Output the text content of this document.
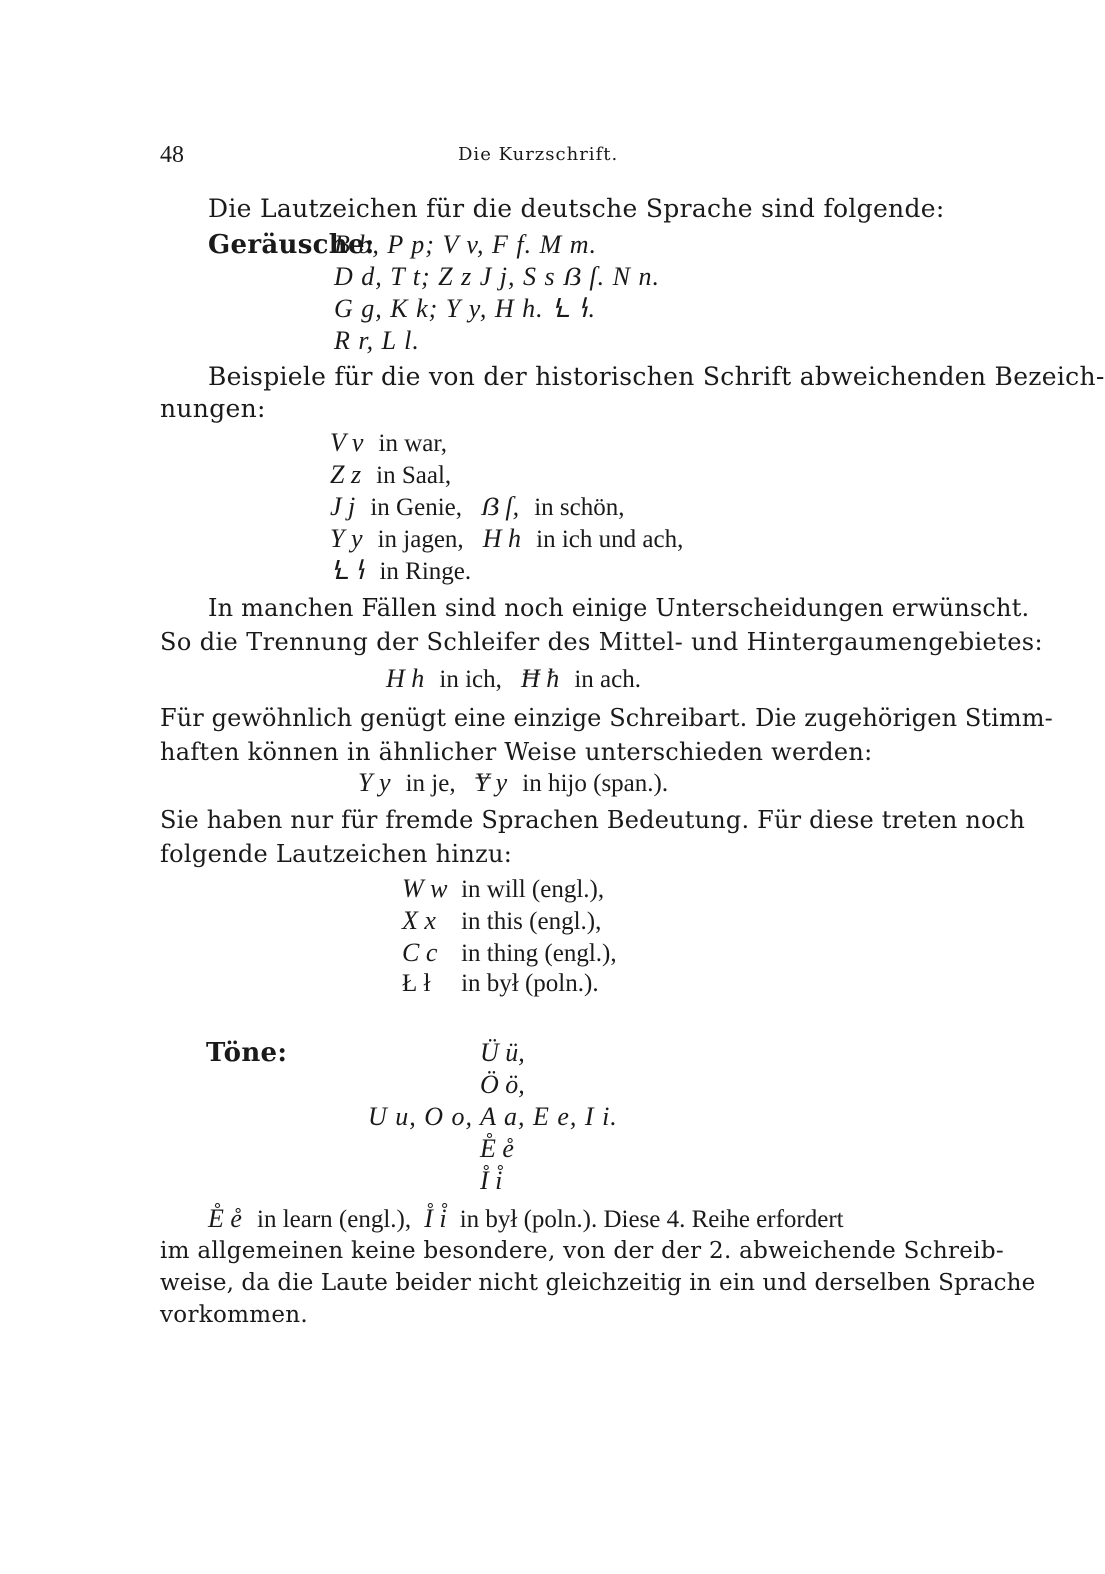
48	Die Kurzschrift.
Die Lautzeichen für die deutsche Sprache sind folgende:
Geräusche:
B b, P p; V v, F f. M m.
D d, T t; Z z J j, S s ẞ ſ. N n.
G g, K k; Y y, H h. Ꝇ ꝇ.
R r, L l.
Beispiele für die von der historischen Schrift abweichenden Bezeich-
nungen:
V v in war,
Z z in Saal,
J j in Genie, ẞ ſ, in schön,
Y y in jagen, H h in ich und ach,
Ꝇ ꝇ in Ringe.
In manchen Fällen sind noch einige Unterscheidungen erwünscht.
So die Trennung der Schleifer des Mittel- und Hintergaumengebietes:
H h in ich, Ħ ħ in ach.
Für gewöhnlich genügt eine einzige Schreibart. Die zugehörigen Stimm-
haften können in ähnlicher Weise unterschieden werden:
Y y in je, Ɏ y in hijo (span.).
Sie haben nur für fremde Sprachen Bedeutung. Für diese treten noch
folgende Lautzeichen hinzu:
W w in will (engl.),
X x in this (engl.),
C c in thing (engl.),
Ł ł in był (poln.).
Töne:	Ü ü,
Ö ö,
U u, O o, A a, E e, I i.
E̊ e̊
I̊ i̊
E̊ e̊ in learn (engl.), I̊ i̊ in był (poln.). Diese 4. Reihe erfordert
im allgemeinen keine besondere, von der der 2. abweichende Schreib-
weise, da die Laute beider nicht gleichzeitig in ein und derselben Sprache
vorkommen.
